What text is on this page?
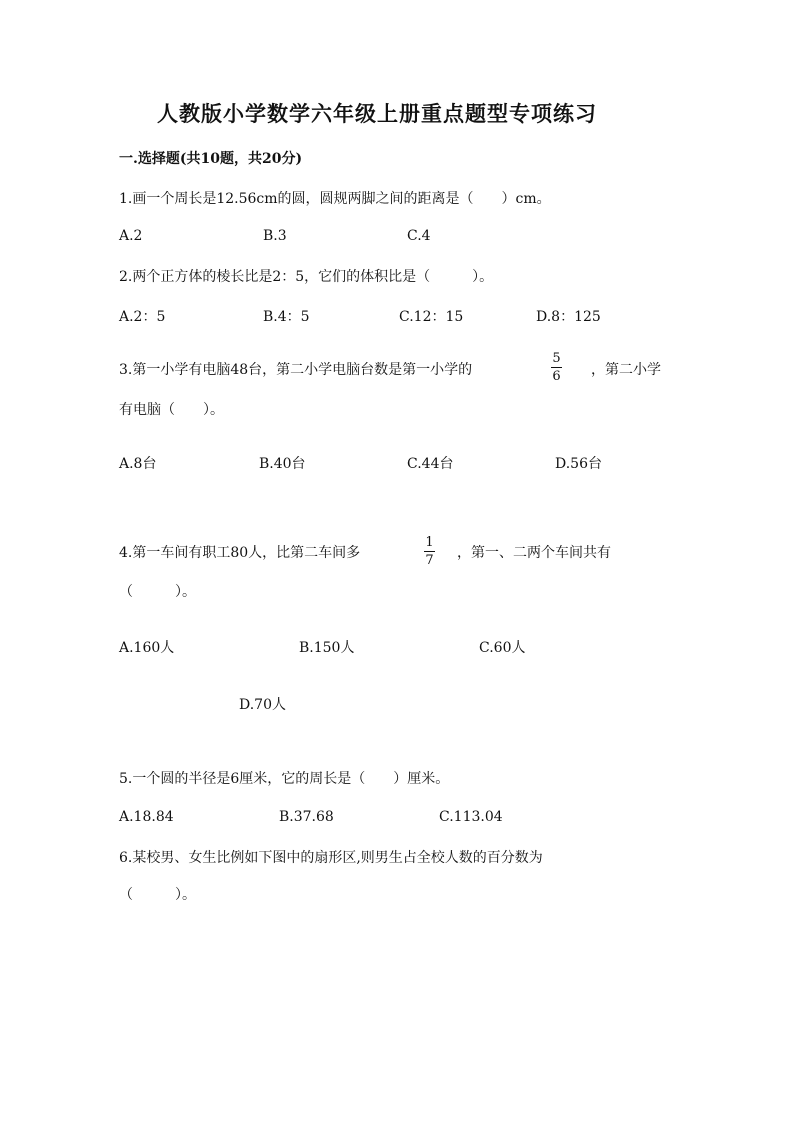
人教版小学数学六年级上册重点题型专项练习
一.选择题(共10题，共20分)
1.画一个周长是12.56cm的圆，圆规两脚之间的距离是（　　）cm。
A.2	B.3	C.4
2.两个正方体的棱长比是2：5，它们的体积比是（　　　）。
A.2：5	B.4：5	C.12：15	D.8：125
3.第一小学有电脑48台，第二小学电脑台数是第一小学的
5
6 ，第二小学
有电脑（　　）。
A.8台	B.40台	C.44台	D.56台
4.第一车间有职工80人，比第二车间多
1
7 ，第一、二两个车间共有
（　　　）。
A.160人	B.150人	C.60人
D.70人
5.一个圆的半径是6厘米，它的周长是（　　）厘米。
A.18.84	B.37.68	C.113.04
6.某校男、女生比例如下图中的扇形区,则男生占全校人数的百分数为
（　　　）。
